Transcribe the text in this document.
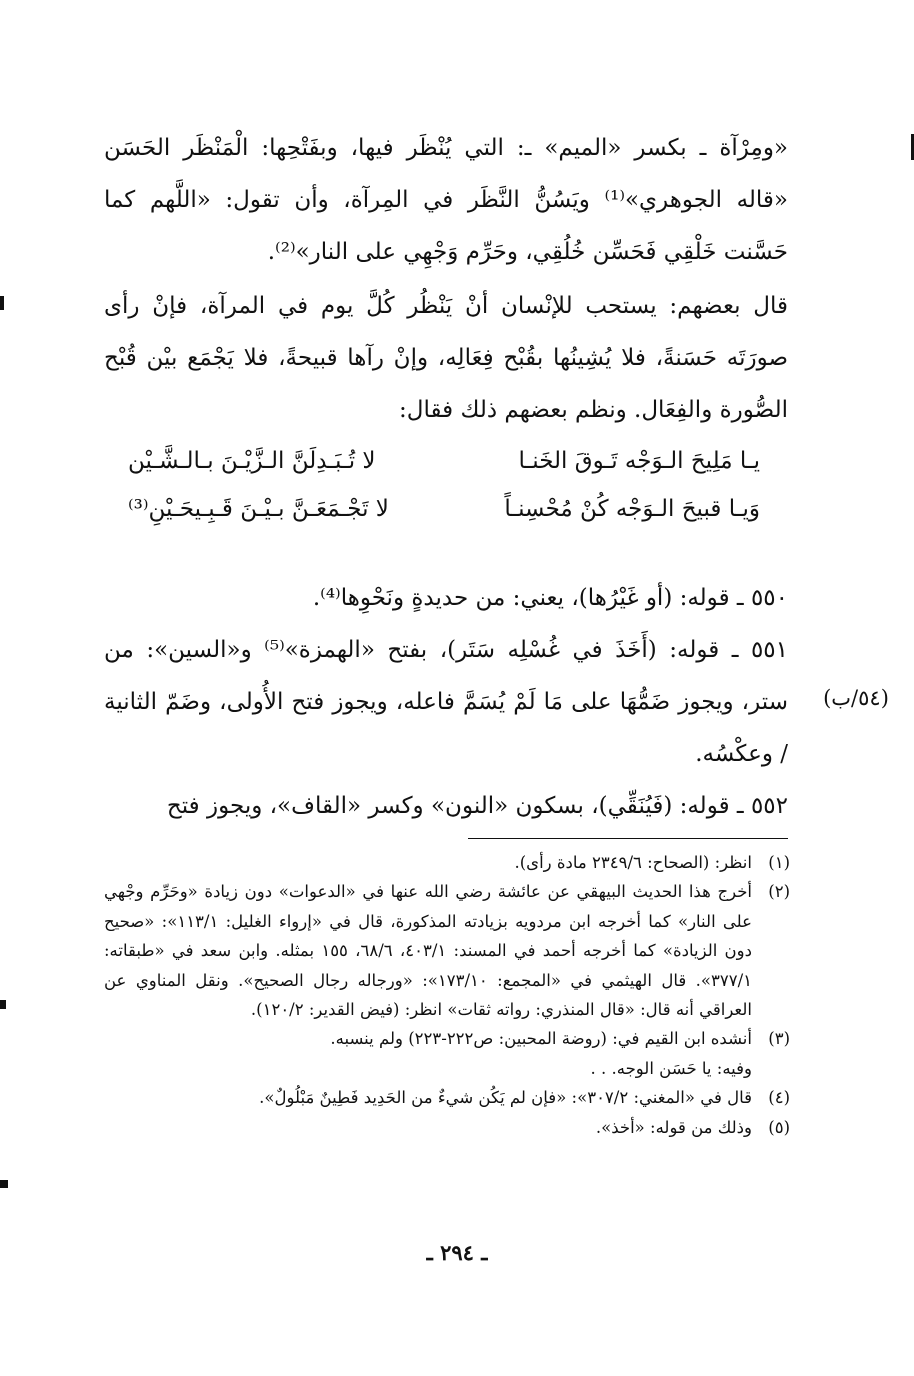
«ومِرْآة ـ بكسر «الميم» ـ: التي يُنْظَر فيها، وبفَتْحِها: الْمَنْظَر الحَسَن «قاله الجوهري»⁽¹⁾ ويَسُنُّ النَّظَر في المِرآة، وأن تقول: «اللَّهم كما حَسَّنت خَلْقِي فَحَسِّن خُلُقِي، وحَرِّم وَجْهِي على النار»⁽²⁾.

قال بعضهم: يستحب للإنْسان أنْ يَنْظُر كُلَّ يوم في المرآة، فإنْ رأى صورَتَه حَسَنةً، فلا يُشِينُها بقُبْح فِعَالِه، وإنْ رآها قبيحةً، فلا يَجْمَع بيْن قُبْح الصُّورة والفِعَال. ونظم بعضهم ذلك فقال:

يـا مَلِيحَ الـوَجْه تَـوقَ الخَنـا
لا تُـبَـدِلَنَّ الـزَّيْـنَ بـالـشَّـيْن
وَيـا قبيحَ الـوَجْه كُنْ مُحْسِنـاً
لا تَجْـمَعَـنَّ بـيْـنَ قَـبِـيحَـيْنِ⁽³⁾

٥٥٠ ـ قوله: (أو غَيْرُها)، يعني: من حديدةٍ ونَحْوِها⁽⁴⁾.

٥٥١ ـ قوله: (أَخَذَ في غُسْلِه سَتَر)، بفتح «الهمزة»⁽⁵⁾ و«السين»: من ستر، ويجوز ضَمُّهَا على مَا لَمْ يُسَمَّ فاعله، ويجوز فتح الأُولى، وضَمّ الثانية / وعكْسُه.

(٥٤/ب)

٥٥٢ ـ قوله: (فَيُنَقِّي)، بسكون «النون» وكسر «القاف»، ويجوز فتح

(١)
انظر: (الصحاح: ٢٣٤٩/٦ مادة رأى).
(٢)
أخرج هذا الحديث البيهقي عن عائشة رضي الله عنها في «الدعوات» دون زيادة «وحَرِّم وجْهي على النار» كما أخرجه ابن مردويه بزيادته المذكورة، قال في «إرواء الغليل: ١١٣/١»: «صحيح دون الزيادة» كما أخرجه أحمد في المسند: ٤٠٣/١، ٦٨/٦، ١٥٥ بمثله. وابن سعد في «طبقاته: ٣٧٧/١». قال الهيثمي في «المجمع: ١٧٣/١٠»: «ورجاله رجال الصحيح». ونقل المناوي عن العراقي أنه قال: «قال المنذري: رواته ثقات» انظر: (فيض القدير: ١٢٠/٢).
(٣)
أنشده ابن القيم في: (روضة المحبين: ص٢٢٢-٢٢٣) ولم ينسبه.
وفيه: يا حَسَن الوجه. . .
(٤)
قال في «المغني: ٣٠٧/٢»: «فإن لم يَكُن شيءٌ من الحَدِيد فَطِينٌ مَبْلُولٌ».
(٥)
وذلك من قوله: «أخذ».
ـ ٢٩٤ ـ
